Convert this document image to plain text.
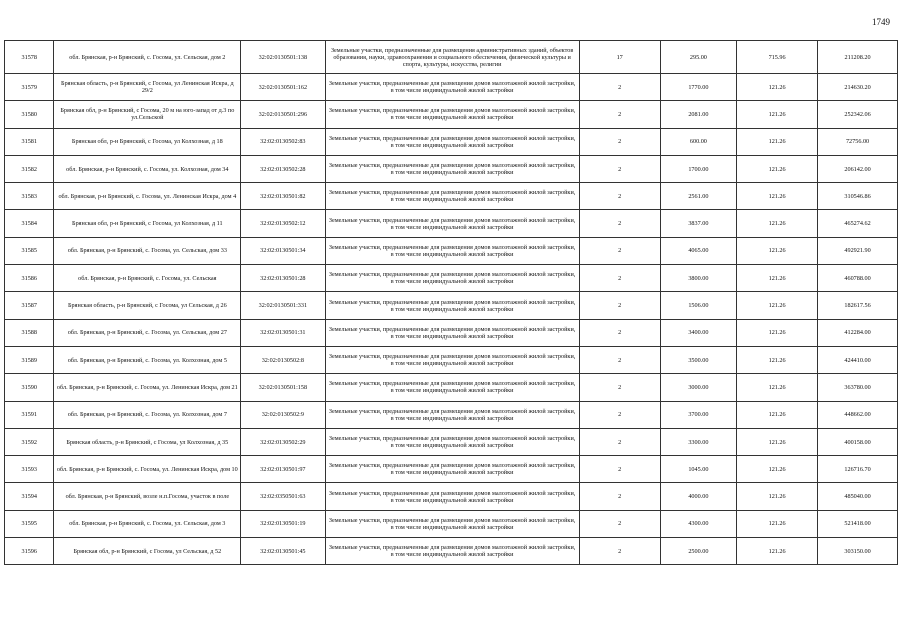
1749
31578	обл. Брянская, р-н Брянский, с. Госома, ул. Сельская, дом 2	32:02:0130501:138	Земельные участки, предназначенные для размещения административных зданий, объектов образования, науки, здравоохранения и социального обеспечения, физической культуры и спорта, культуры, искусства, религии	17	295.00	715.96	211208.20
31579	Брянская область, р-н Брянский, с Госома, ул Ленинская Искра, д 29/2	32:02:0130501:162	Земельные участки, предназначенные для размещения домов малоэтажной жилой застройки, в том числе индивидуальной жилой застройки	2	1770.00	121.26	214630.20
31580	Брянская обл, р-н Брянский, с Госома, 20 м на юго-запад от д.3 по ул.Сельской	32:02:0130501:296	Земельные участки, предназначенные для размещения домов малоэтажной жилой застройки, в том числе индивидуальной жилой застройки	2	2081.00	121.26	252342.06
31581	Брянская обл, р-н Брянский, с Госома, ул Колхозная, д 18	32:02:0130502:83	Земельные участки, предназначенные для размещения домов малоэтажной жилой застройки, в том числе индивидуальной жилой застройки	2	600.00	121.26	72756.00
31582	обл. Брянская, р-н Брянский, с. Госома, ул. Колхозная, дом 34	32:02:0130502:28	Земельные участки, предназначенные для размещения домов малоэтажной жилой застройки, в том числе индивидуальной жилой застройки	2	1700.00	121.26	206142.00
31583	обл. Брянская, р-н Брянский, с. Госома, ул. Ленинская Искра, дом 4	32:02:0130501:82	Земельные участки, предназначенные для размещения домов малоэтажной жилой застройки, в том числе индивидуальной жилой застройки	2	2561.00	121.26	310546.86
31584	Брянская обл, р-н Брянский, с Госома, ул Колхозная, д 11	32:02:0130502:12	Земельные участки, предназначенные для размещения домов малоэтажной жилой застройки, в том числе индивидуальной жилой застройки	2	3837.00	121.26	465274.62
31585	обл. Брянская, р-н Брянский, с. Госома, ул. Сельская, дом 33	32:02:0130501:34	Земельные участки, предназначенные для размещения домов малоэтажной жилой застройки, в том числе индивидуальной жилой застройки	2	4065.00	121.26	492921.90
31586	обл. Брянская, р-н Брянский, с. Госома, ул. Сельская	32:02:0130501:28	Земельные участки, предназначенные для размещения домов малоэтажной жилой застройки, в том числе индивидуальной жилой застройки	2	3800.00	121.26	460788.00
31587	Брянская область, р-н Брянский, с Госома, ул Сельская, д 26	32:02:0130501:331	Земельные участки, предназначенные для размещения домов малоэтажной жилой застройки, в том числе индивидуальной жилой застройки	2	1506.00	121.26	182617.56
31588	обл. Брянская, р-н Брянский, с. Госома, ул. Сельская, дом 27	32:02:0130501:31	Земельные участки, предназначенные для размещения домов малоэтажной жилой застройки, в том числе индивидуальной жилой застройки	2	3400.00	121.26	412284.00
31589	обл. Брянская, р-н Брянский, с. Госома, ул. Колхозная, дом 5	32:02:0130502:8	Земельные участки, предназначенные для размещения домов малоэтажной жилой застройки, в том числе индивидуальной жилой застройки	2	3500.00	121.26	424410.00
31590	обл. Брянская, р-н Брянский, с. Госома, ул. Ленинская Искра, дом 21	32:02:0130501:158	Земельные участки, предназначенные для размещения домов малоэтажной жилой застройки, в том числе индивидуальной жилой застройки	2	3000.00	121.26	363780.00
31591	обл. Брянская, р-н Брянский, с. Госома, ул. Колхозная, дом 7	32:02:0130502:9	Земельные участки, предназначенные для размещения домов малоэтажной жилой застройки, в том числе индивидуальной жилой застройки	2	3700.00	121.26	448662.00
31592	Брянская область, р-н Брянский, с Госома, ул Колхозная, д 35	32:02:0130502:29	Земельные участки, предназначенные для размещения домов малоэтажной жилой застройки, в том числе индивидуальной жилой застройки	2	3300.00	121.26	400158.00
31593	обл. Брянская, р-н Брянский, с. Госома, ул. Ленинская Искра, дом 10	32:02:0130501:97	Земельные участки, предназначенные для размещения домов малоэтажной жилой застройки, в том числе индивидуальной жилой застройки	2	1045.00	121.26	126716.70
31594	обл. Брянская, р-н Брянский, возле н.п.Госома, участок в поле	32:02:0350501:63	Земельные участки, предназначенные для размещения домов малоэтажной жилой застройки, в том числе индивидуальной жилой застройки	2	4000.00	121.26	485040.00
31595	обл. Брянская, р-н Брянский, с. Госома, ул. Сельская, дом 3	32:02:0130501:19	Земельные участки, предназначенные для размещения домов малоэтажной жилой застройки, в том числе индивидуальной жилой застройки	2	4300.00	121.26	521418.00
31596	Брянская обл, р-н Брянский, с Госома, ул Сельская, д 52	32:02:0130501:45	Земельные участки, предназначенные для размещения домов малоэтажной жилой застройки, в том числе индивидуальной жилой застройки	2	2500.00	121.26	303150.00
